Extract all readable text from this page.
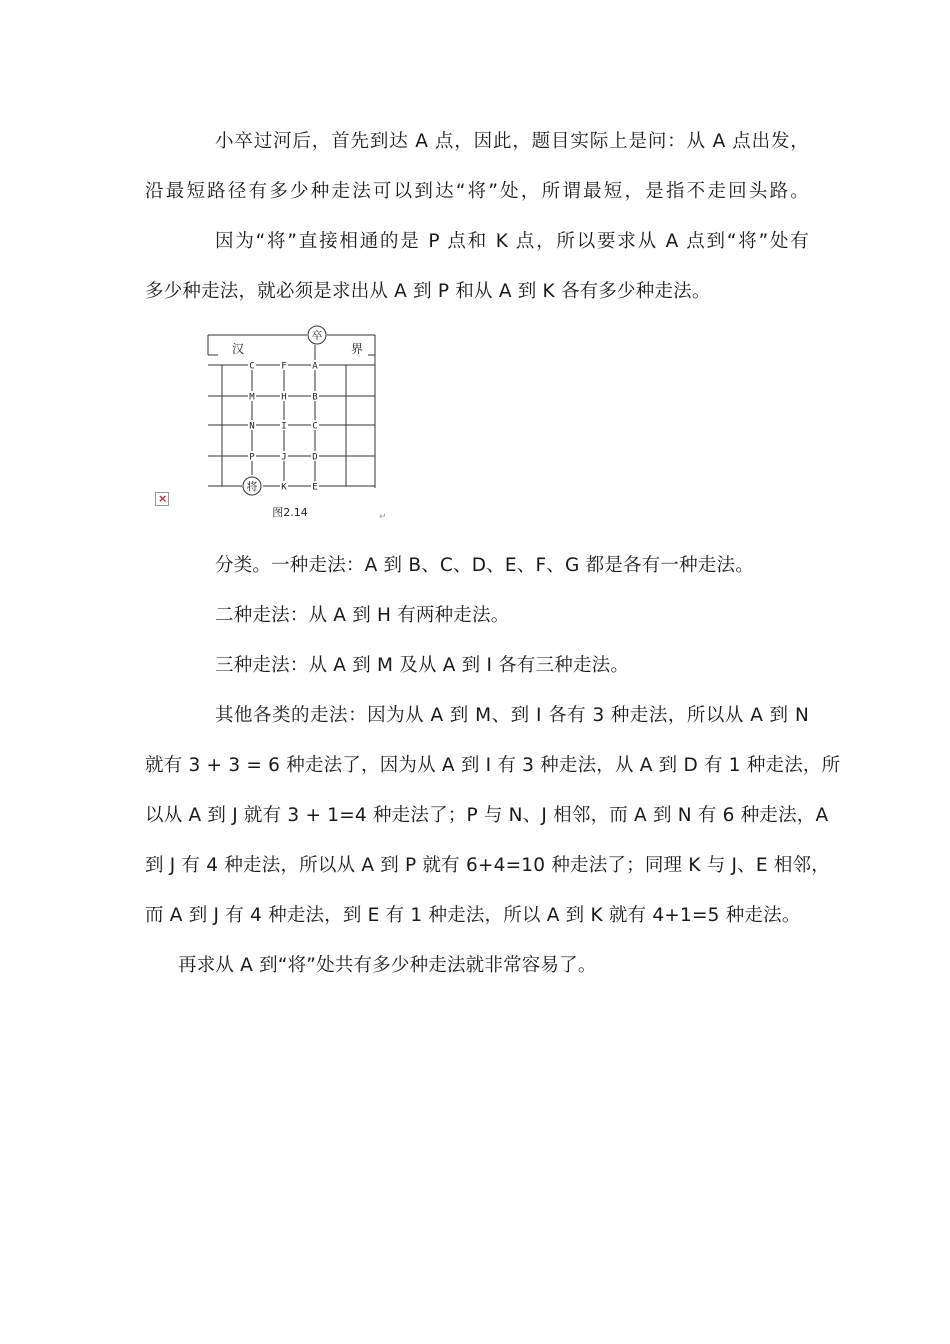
小卒过河后，首先到达 A 点，因此，题目实际上是问：从 A 点出发，
沿最短路径有多少种走法可以到达“将”处，所谓最短，是指不走回头路。
因为“将”直接相通的是 P 点和 K 点，所以要求从 A 点到“将”处有
多少种走法，就必须是求出从 A 到 P 和从 A 到 K 各有多少种走法。
×
卒
将
汉	界
C	F	A
M	H	B
N	I	C
P	J	D
K	E
图2.14	↵
分类。一种走法：A 到 B、C、D、E、F、G 都是各有一种走法。
二种走法：从 A 到 H 有两种走法。
三种走法：从 A 到 M 及从 A 到 I 各有三种走法。
其他各类的走法：因为从 A 到 M、到 I 各有 3 种走法，所以从 A 到 N
就有 3 + 3 = 6 种走法了，因为从 A 到 I 有 3 种走法，从 A 到 D 有 1 种走法，所
以从 A 到 J 就有 3 + 1=4 种走法了；P 与 N、J 相邻，而 A 到 N 有 6 种走法，A
到 J 有 4 种走法，所以从 A 到 P 就有 6+4=10 种走法了；同理 K 与 J、E 相邻，
而 A 到 J 有 4 种走法，到 E 有 1 种走法，所以 A 到 K 就有 4+1=5 种走法。
再求从 A 到“将”处共有多少种走法就非常容易了。
